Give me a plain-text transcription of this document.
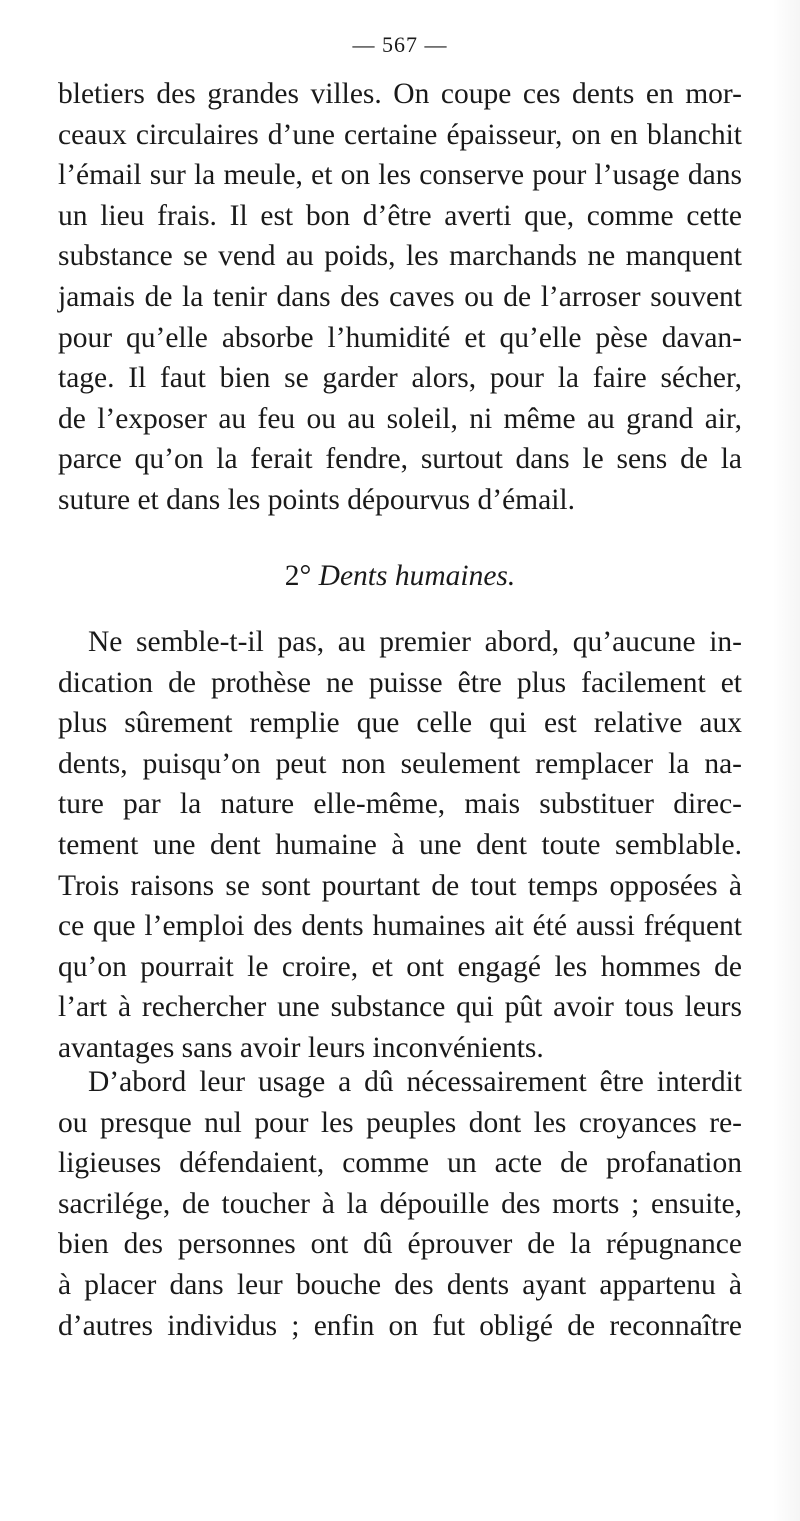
— 567 —
bletiers des grandes villes. On coupe ces dents en mor-
ceaux circulaires d’une certaine épaisseur, on en blanchit
l’émail sur la meule, et on les conserve pour l’usage dans
un lieu frais. Il est bon d’être averti que, comme cette
substance se vend au poids, les marchands ne manquent
jamais de la tenir dans des caves ou de l’arroser souvent
pour qu’elle absorbe l’humidité et qu’elle pèse davan-
tage. Il faut bien se garder alors, pour la faire sécher,
de l’exposer au feu ou au soleil, ni même au grand air,
parce qu’on la ferait fendre, surtout dans le sens de la
suture et dans les points dépourvus d’émail.
2° Dents humaines.
Ne semble-t-il pas, au premier abord, qu’aucune in-
dication de prothèse ne puisse être plus facilement et
plus sûrement remplie que celle qui est relative aux
dents, puisqu’on peut non seulement remplacer la na-
ture par la nature elle-même, mais substituer direc-
tement une dent humaine à une dent toute semblable.
Trois raisons se sont pourtant de tout temps opposées à
ce que l’emploi des dents humaines ait été aussi fréquent
qu’on pourrait le croire, et ont engagé les hommes de
l’art à rechercher une substance qui pût avoir tous leurs
avantages sans avoir leurs inconvénients.
D’abord leur usage a dû nécessairement être interdit
ou presque nul pour les peuples dont les croyances re-
ligieuses défendaient, comme un acte de profanation
sacrilége, de toucher à la dépouille des morts ; ensuite,
bien des personnes ont dû éprouver de la répugnance
à placer dans leur bouche des dents ayant appartenu à
d’autres individus ; enfin on fut obligé de reconnaître
